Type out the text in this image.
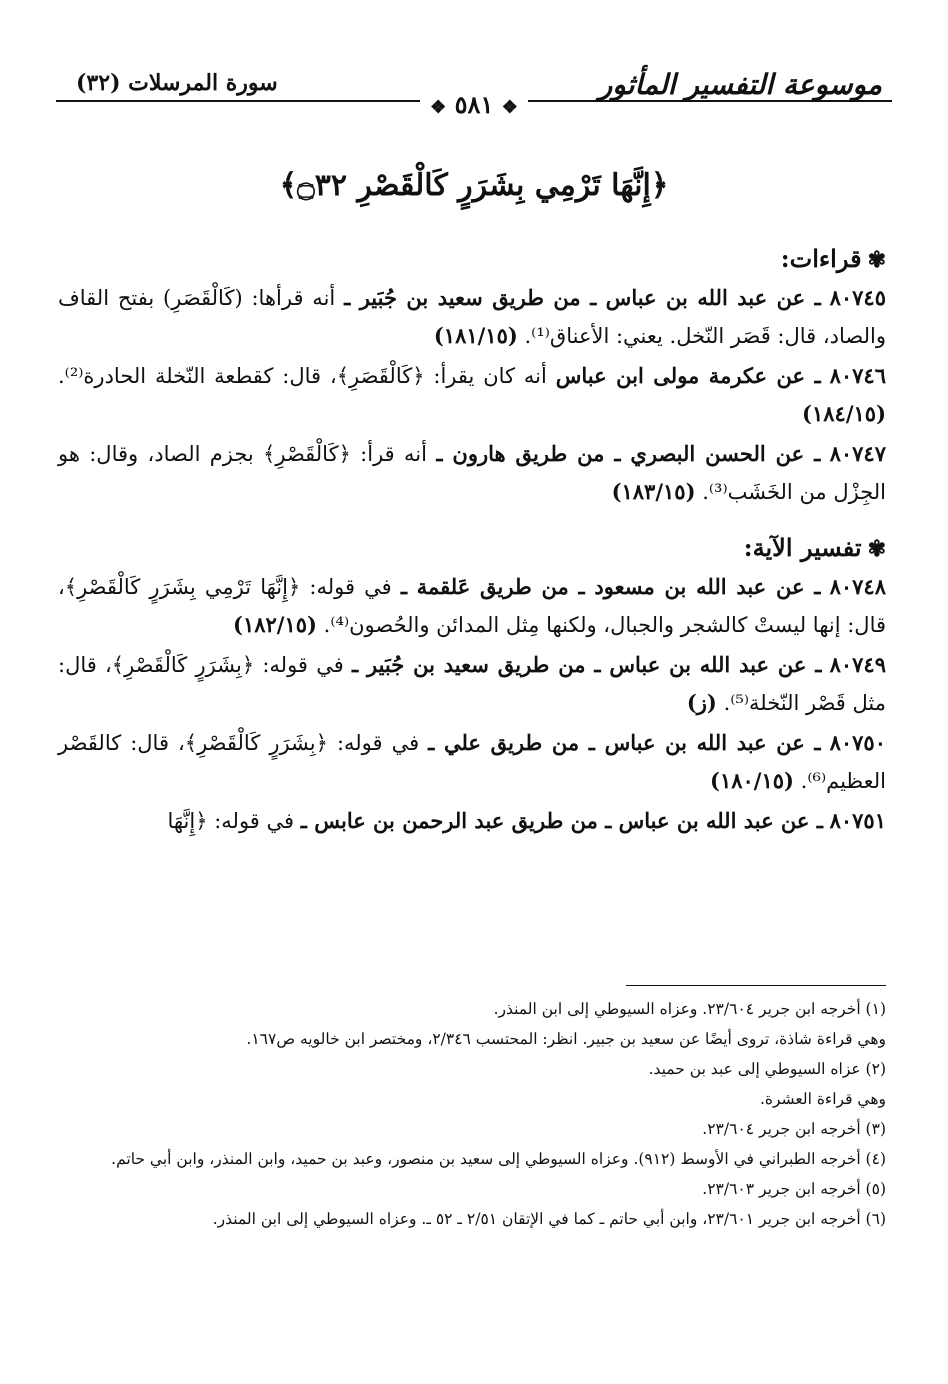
موسوعة التفسير المأثور
سورة المرسلات (٣٢)
❖ ٥٨١ ❖
﴿إِنَّهَا تَرْمِي بِشَرَرٍ كَالْقَصْرِ ۝٣٢﴾
✾قراءات:

٨٠٧٤٥ ـ عن عبد الله بن عباس ـ من طريق سعيد بن جُبَير ـ أنه قرأها: (كَالْقَصَرِ) بفتح القاف والصاد، قال: قَصَر النّخل. يعني: الأعناق⁽¹⁾. (١٨١/١٥)

٨٠٧٤٦ ـ عن عكرمة مولى ابن عباس أنه كان يقرأ: ﴿كَالْقَصَرِ﴾، قال: كقطعة النّخلة الحادرة⁽²⁾. (١٨٤/١٥)

٨٠٧٤٧ ـ عن الحسن البصري ـ من طريق هارون ـ أنه قرأ: ﴿كَالْقَصْرِ﴾ بجزم الصاد، وقال: هو الجِزْل من الخَشَب⁽³⁾. (١٨٣/١٥)

✾تفسير الآية:

٨٠٧٤٨ ـ عن عبد الله بن مسعود ـ من طريق عَلقمة ـ في قوله: ﴿إِنَّهَا تَرْمِي بِشَرَرٍ كَالْقَصْرِ﴾، قال: إنها ليستْ كالشجر والجبال، ولكنها مِثل المدائن والحُصون⁽⁴⁾. (١٨٢/١٥)

٨٠٧٤٩ ـ عن عبد الله بن عباس ـ من طريق سعيد بن جُبَير ـ في قوله: ﴿بِشَرَرٍ كَالْقَصْرِ﴾، قال: مثل قَصْر النّخلة⁽⁵⁾. (ز)

٨٠٧٥٠ ـ عن عبد الله بن عباس ـ من طريق علي ـ في قوله: ﴿بِشَرَرٍ كَالْقَصْرِ﴾، قال: كالقَصْر العظيم⁽⁶⁾. (١٨٠/١٥)

٨٠٧٥١ ـ عن عبد الله بن عباس ـ من طريق عبد الرحمن بن عابس ـ في قوله: ﴿إِنَّهَا

(١) أخرجه ابن جرير ٢٣/٦٠٤. وعزاه السيوطي إلى ابن المنذر.
وهي قراءة شاذة، تروى أيضًا عن سعيد بن جبير. انظر: المحتسب ٢/٣٤٦، ومختصر ابن خالويه ص١٦٧.
(٢) عزاه السيوطي إلى عبد بن حميد.
وهي قراءة العشرة.
(٣) أخرجه ابن جرير ٢٣/٦٠٤.
(٤) أخرجه الطبراني في الأوسط (٩١٢). وعزاه السيوطي إلى سعيد بن منصور، وعبد بن حميد، وابن المنذر، وابن أبي حاتم.
(٥) أخرجه ابن جرير ٢٣/٦٠٣.
(٦) أخرجه ابن جرير ٢٣/٦٠١، وابن أبي حاتم ـ كما في الإتقان ٢/٥١ ـ ٥٢ ـ. وعزاه السيوطي إلى ابن المنذر.
